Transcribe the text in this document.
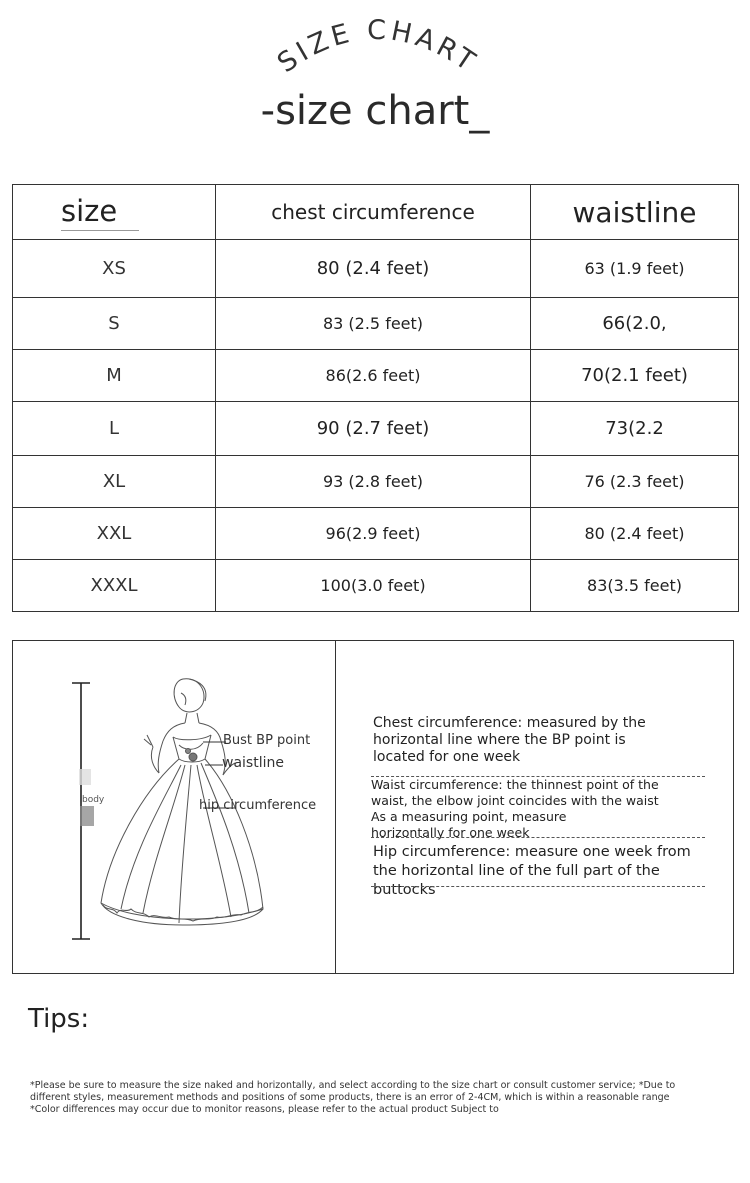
SIZE CHART
-size chart_
size	chest circumference	waistline
XS	80 (2.4 feet)	63 (1.9 feet)
S	83 (2.5 feet)	66(2.0,
M	86(2.6 feet)	70(2.1 feet)
L	90 (2.7 feet)	73(2.2
XL	93 (2.8 feet)	76 (2.3 feet)
XXL	96(2.9 feet)	80 (2.4 feet)
XXXL	100(3.0 feet)	83(3.5 feet)
Bust BP point
waistline
hip circumference
body
Chest circumference: measured by the
horizontal line where the BP point is
located for one week
Waist circumference: the thinnest point of the
waist, the elbow joint coincides with the waist
As a measuring point, measure
horizontally for one week
Hip circumference: measure one week from
the horizontal line of the full part of the
buttocks
Tips:

*Please be sure to measure the size naked and horizontally, and select according to the size chart or consult customer service; *Due to

different styles, measurement methods and positions of some products, there is an error of 2-4CM, which is within a reasonable range

*Color differences may occur due to monitor reasons, please refer to the actual product Subject to
